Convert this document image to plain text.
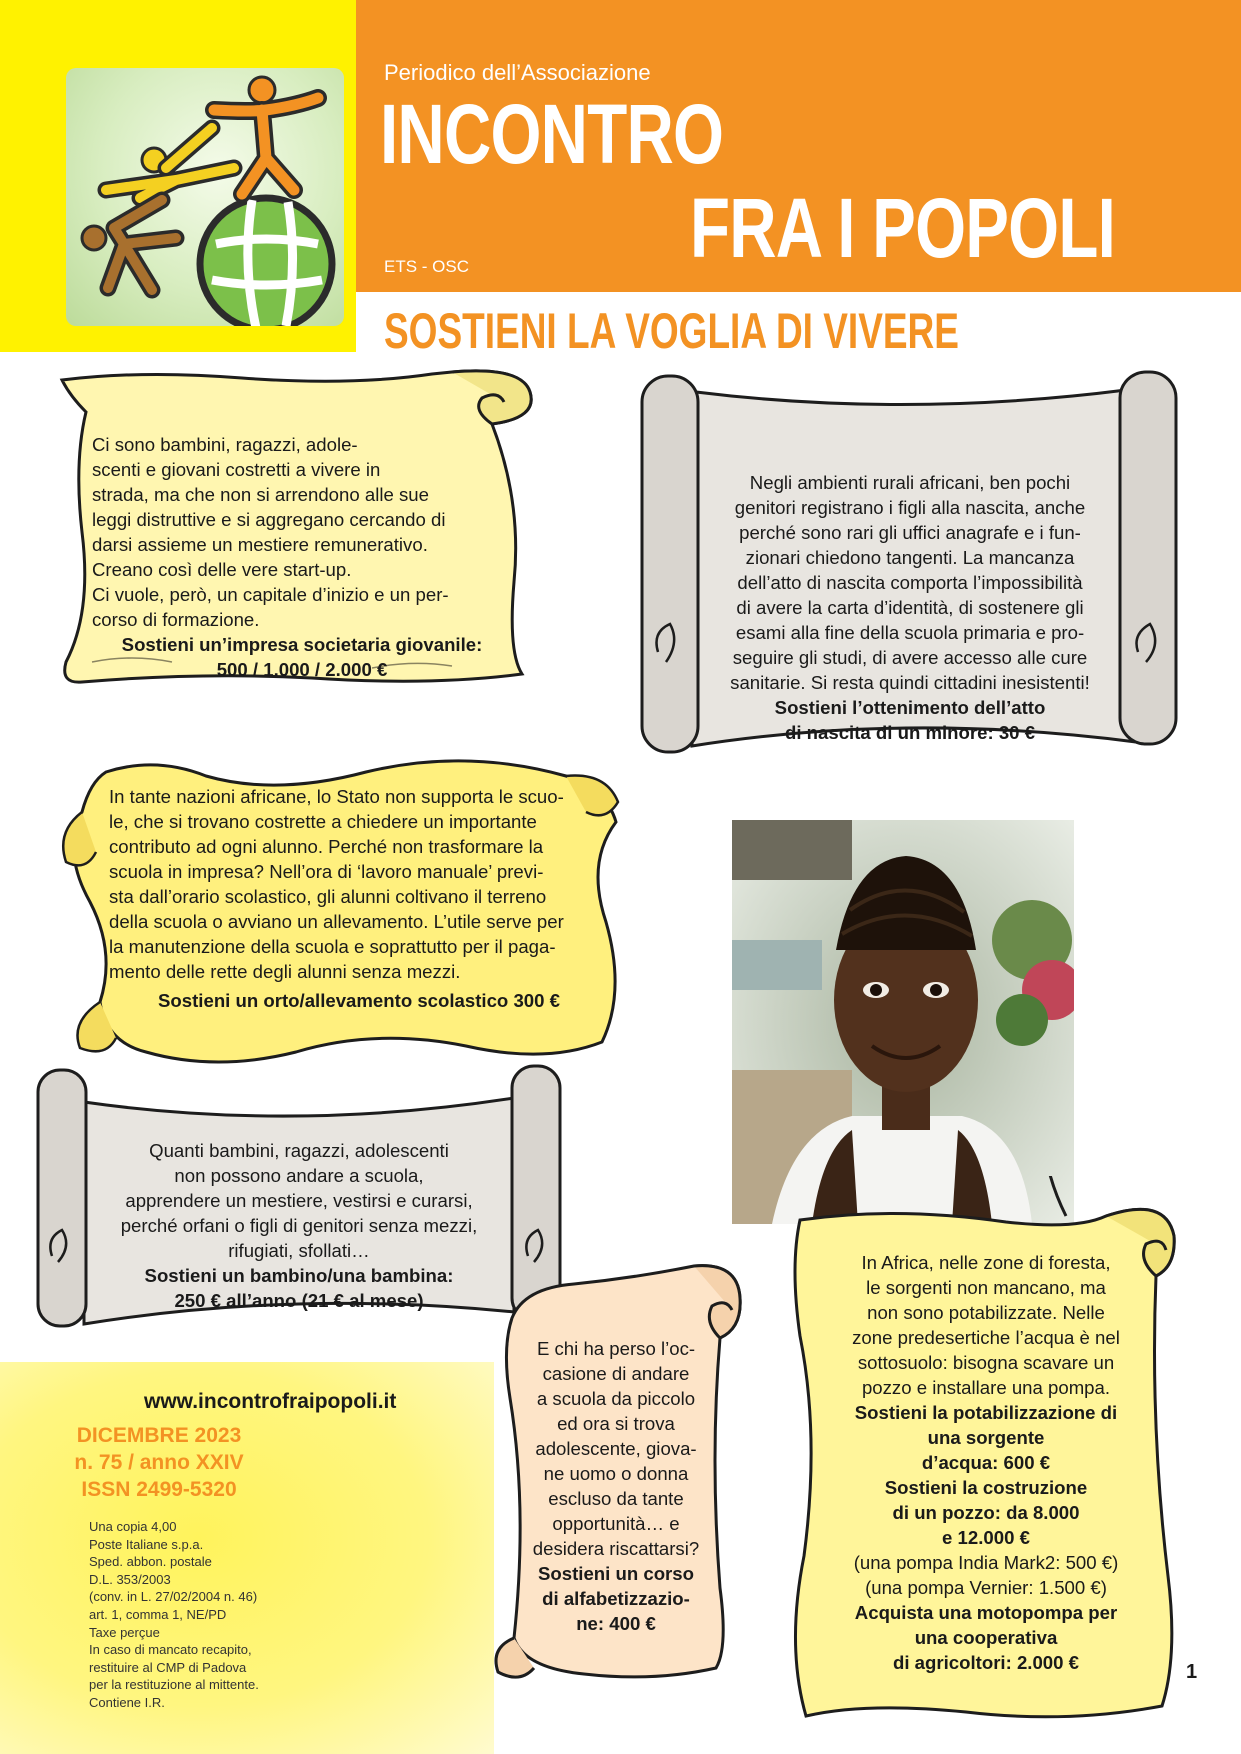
Periodico dell’Associazione
INCONTRO
FRA I POPOLI
ETS - OSC
SOSTIENI LA VOGLIA DI VIVERE

Ci sono bambini, ragazzi, adole-

scenti e giovani costretti a vivere in

strada, ma che non si arrendono alle sue

leggi distruttive e si aggregano cercando di

darsi assieme un mestiere remunerativo.

Creano così delle vere start-up.

Ci vuole, però, un capitale d’inizio e un per-

corso di formazione.

Sostieni un’impresa societaria giovanile:

500 / 1.000 / 2.000 €

Negli ambienti rurali africani, ben pochi

genitori registrano i figli alla nascita, anche

perché sono rari gli uffici anagrafe e i fun-

zionari chiedono tangenti. La mancanza

dell’atto di nascita comporta l’impossibilità

di avere la carta d’identità, di sostenere gli

esami alla fine della scuola primaria e pro-

seguire gli studi, di avere accesso alle cure

sanitarie. Si resta quindi cittadini inesistenti!

Sostieni l’ottenimento dell’atto

di nascita di un minore: 30 €

In tante nazioni africane, lo Stato non supporta le scuo-

le, che si trovano costrette a chiedere un importante

contributo ad ogni alunno. Perché non trasformare la

scuola in impresa? Nell’ora di ‘lavoro manuale’ previ-

sta dall’orario scolastico, gli alunni coltivano il terreno

della scuola o avviano un allevamento. L’utile serve per

la manutenzione della scuola e soprattutto per il paga-

mento delle rette degli alunni senza mezzi.

Sostieni un orto/allevamento scolastico 300 €

Quanti bambini, ragazzi, adolescenti

non possono andare a scuola,

apprendere un mestiere, vestirsi e curarsi,

perché orfani o figli di genitori senza mezzi,

rifugiati, sfollati…

Sostieni un bambino/una bambina:

250 € all’anno (21 € al mese)

www.incontrofraipopoli.it
DICEMBRE 2023
n. 75 / anno XXIV
ISSN 2499-5320
Una copia 4,00
Poste Italiane s.p.a.
Sped. abbon. postale
D.L. 353/2003
(conv. in L. 27/02/2004 n. 46)
art. 1, comma 1, NE/PD
Taxe perçue
In caso di mancato recapito,
restituire al CMP di Padova
per la restituzione al mittente.
Contiene I.R.

E chi ha perso l’oc-

casione di andare

a scuola da piccolo

ed ora si trova

adolescente, giova-

ne uomo o donna

escluso da tante

opportunità… e

desidera riscattarsi?

Sostieni un corso

di alfabetizzazio-

ne: 400 €

In Africa, nelle zone di foresta,

le sorgenti non mancano, ma

non sono potabilizzate. Nelle

zone predesertiche l’acqua è nel

sottosuolo: bisogna scavare un

pozzo e installare una pompa.

Sostieni la potabilizzazione di

una sorgente

d’acqua: 600 €

Sostieni la costruzione

di un pozzo: da 8.000

e 12.000 €

(una pompa India Mark2: 500 €)

(una pompa Vernier: 1.500 €)

Acquista una motopompa per

una cooperativa

di agricoltori: 2.000 €	1
